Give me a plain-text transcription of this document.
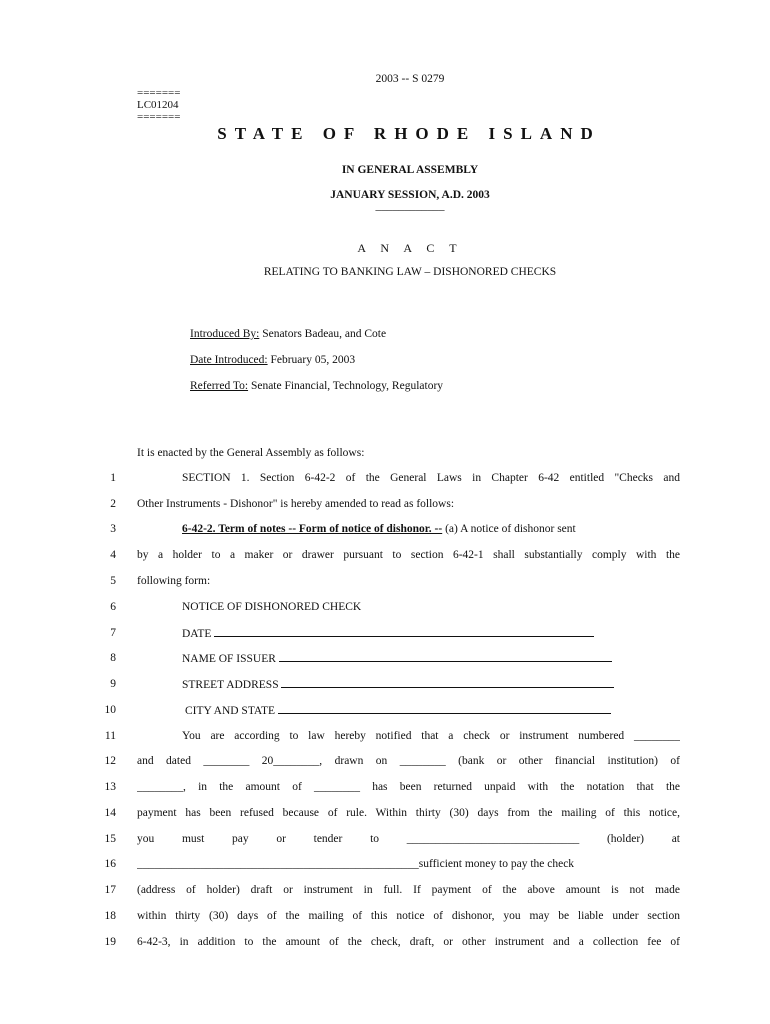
2003 -- S 0279
=======
LC01204
=======
STATE OF RHODE ISLAND
IN GENERAL ASSEMBLY
JANUARY SESSION, A.D. 2003
____________
A N A C T
RELATING TO BANKING LAW – DISHONORED CHECKS
Introduced By: Senators Badeau, and Cote
Date Introduced: February 05, 2003
Referred To: Senate Financial, Technology, Regulatory
It is enacted by the General Assembly as follows:
1	SECTION 1. Section 6-42-2 of the General Laws in Chapter 6-42 entitled "Checks and
2 Other Instruments - Dishonor" is hereby amended to read as follows:
3	6-42-2. Term of notes -- Form of notice of dishonor. -- (a) A notice of dishonor sent
4 by a holder to a maker or drawer pursuant to section 6-42-1 shall substantially comply with the
5 following form:
6	NOTICE OF DISHONORED CHECK
7	DATE
8	NAME OF ISSUER
9	STREET ADDRESS
10	CITY AND STATE
11	You are according to law hereby notified that a check or instrument numbered ________
12 and dated ________ 20________, drawn on ________ (bank or other financial institution) of
13 ________, in the amount of ________ has been returned unpaid with the notation that the
14 payment has been refused because of rule. Within thirty (30) days from the mailing of this notice,
15 you must pay or tender to ______________________________ (holder) at
16 _________________________________________________sufficient money to pay the check
17 (address of holder) draft or instrument in full. If payment of the above amount is not made
18 within thirty (30) days of the mailing of this notice of dishonor, you may be liable under section
19 6-42-3, in addition to the amount of the check, draft, or other instrument and a collection fee of
